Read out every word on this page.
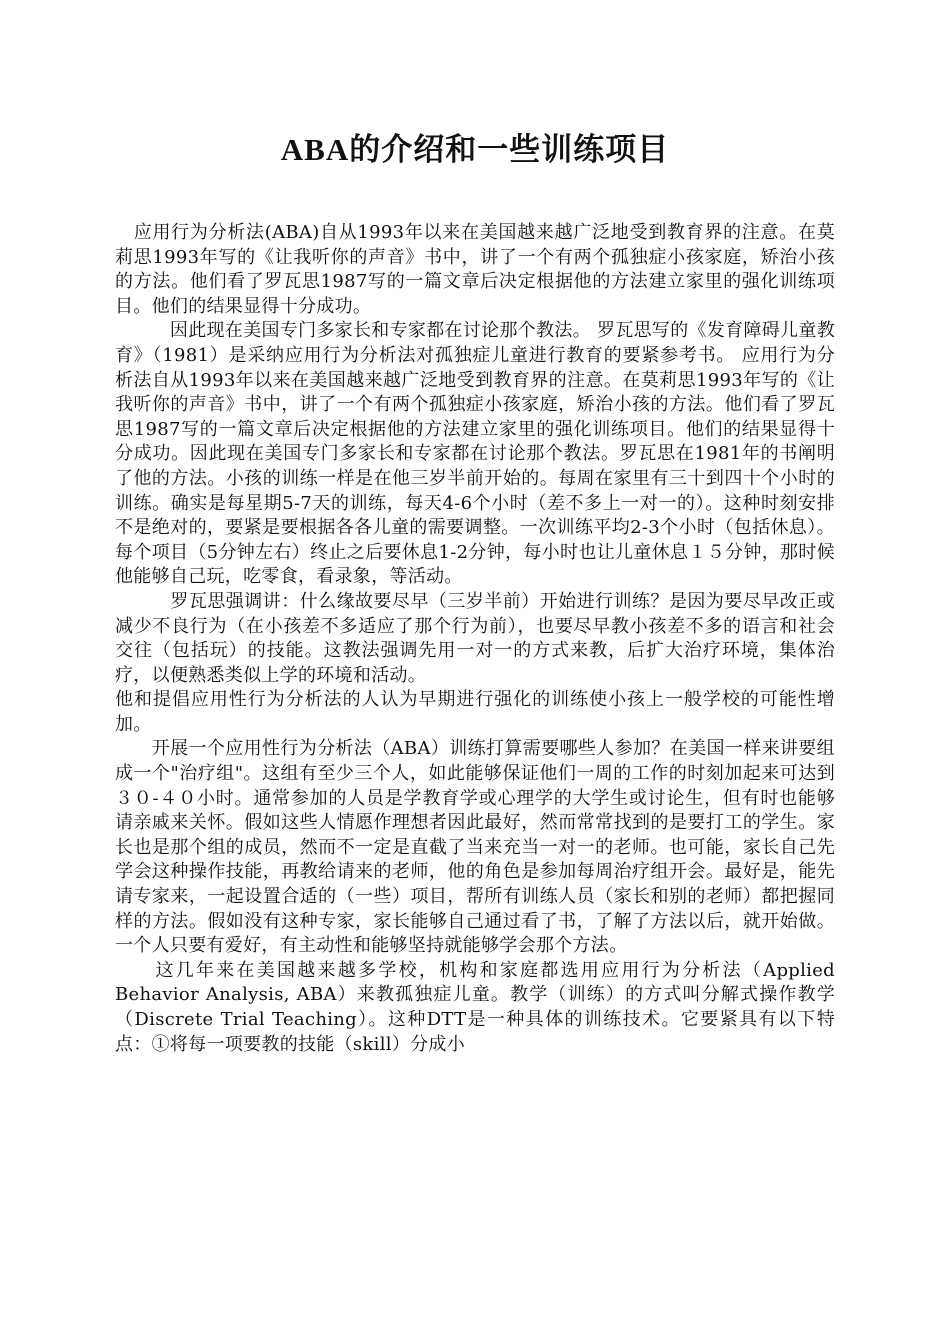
ABA的介绍和一些训练项目

　应用行为分析法(ABA)自从1993年以来在美国越来越广泛地受到教育界的注意。在莫莉思1993年写的《让我听你的声音》书中，讲了一个有两个孤独症小孩家庭，矫治小孩的方法。他们看了罗瓦思1987写的一篇文章后决定根据他的方法建立家里的强化训练项目。他们的结果显得十分成功。

　　　因此现在美国专门多家长和专家都在讨论那个教法。 罗瓦思写的《发育障碍儿童教育》（1981）是采纳应用行为分析法对孤独症儿童进行教育的要紧参考书。 应用行为分析法自从1993年以来在美国越来越广泛地受到教育界的注意。在莫莉思1993年写的《让我听你的声音》书中，讲了一个有两个孤独症小孩家庭，矫治小孩的方法。他们看了罗瓦思1987写的一篇文章后决定根据他的方法建立家里的强化训练项目。他们的结果显得十分成功。因此现在美国专门多家长和专家都在讨论那个教法。罗瓦思在1981年的书阐明了他的方法。小孩的训练一样是在他三岁半前开始的。每周在家里有三十到四十个小时的训练。确实是每星期5-7天的训练，每天4-6个小时（差不多上一对一的）。这种时刻安排不是绝对的，要紧是要根据各各儿童的需要调整。一次训练平均2-3个小时（包括休息）。每个项目（5分钟左右）终止之后要休息1-2分钟，每小时也让儿童休息１５分钟，那时候他能够自己玩，吃零食，看录象，等活动。

　　　罗瓦思强调讲：什么缘故要尽早（三岁半前）开始进行训练？是因为要尽早改正或减少不良行为（在小孩差不多适应了那个行为前），也要尽早教小孩差不多的语言和社会交往（包括玩）的技能。这教法强调先用一对一的方式来教，后扩大治疗环境，集体治疗，以便熟悉类似上学的环境和活动。

他和提倡应用性行为分析法的人认为早期进行强化的训练使小孩上一般学校的可能性增加。

　　开展一个应用性行为分析法（ABA）训练打算需要哪些人参加？在美国一样来讲要组成一个"治疗组"。这组有至少三个人，如此能够保证他们一周的工作的时刻加起来可达到３０-４０小时。通常参加的人员是学教育学或心理学的大学生或讨论生，但有时也能够请亲戚来关怀。假如这些人情愿作理想者因此最好，然而常常找到的是要打工的学生。家长也是那个组的成员，然而不一定是直截了当来充当一对一的老师。也可能，家长自己先学会这种操作技能，再教给请来的老师，他的角色是参加每周治疗组开会。最好是，能先请专家来，一起设置合适的（一些）项目，帮所有训练人员（家长和别的老师）都把握同样的方法。假如没有这种专家，家长能够自己通过看了书，了解了方法以后，就开始做。一个人只要有爱好，有主动性和能够坚持就能够学会那个方法。

　　这几年来在美国越来越多学校，机构和家庭都选用应用行为分析法（Applied Behavior Analysis, ABA）来教孤独症儿童。教学（训练）的方式叫分解式操作教学（Discrete Trial Teaching）。这种DTT是一种具体的训练技术。它要紧具有以下特点：①将每一项要教的技能（skill）分成小
